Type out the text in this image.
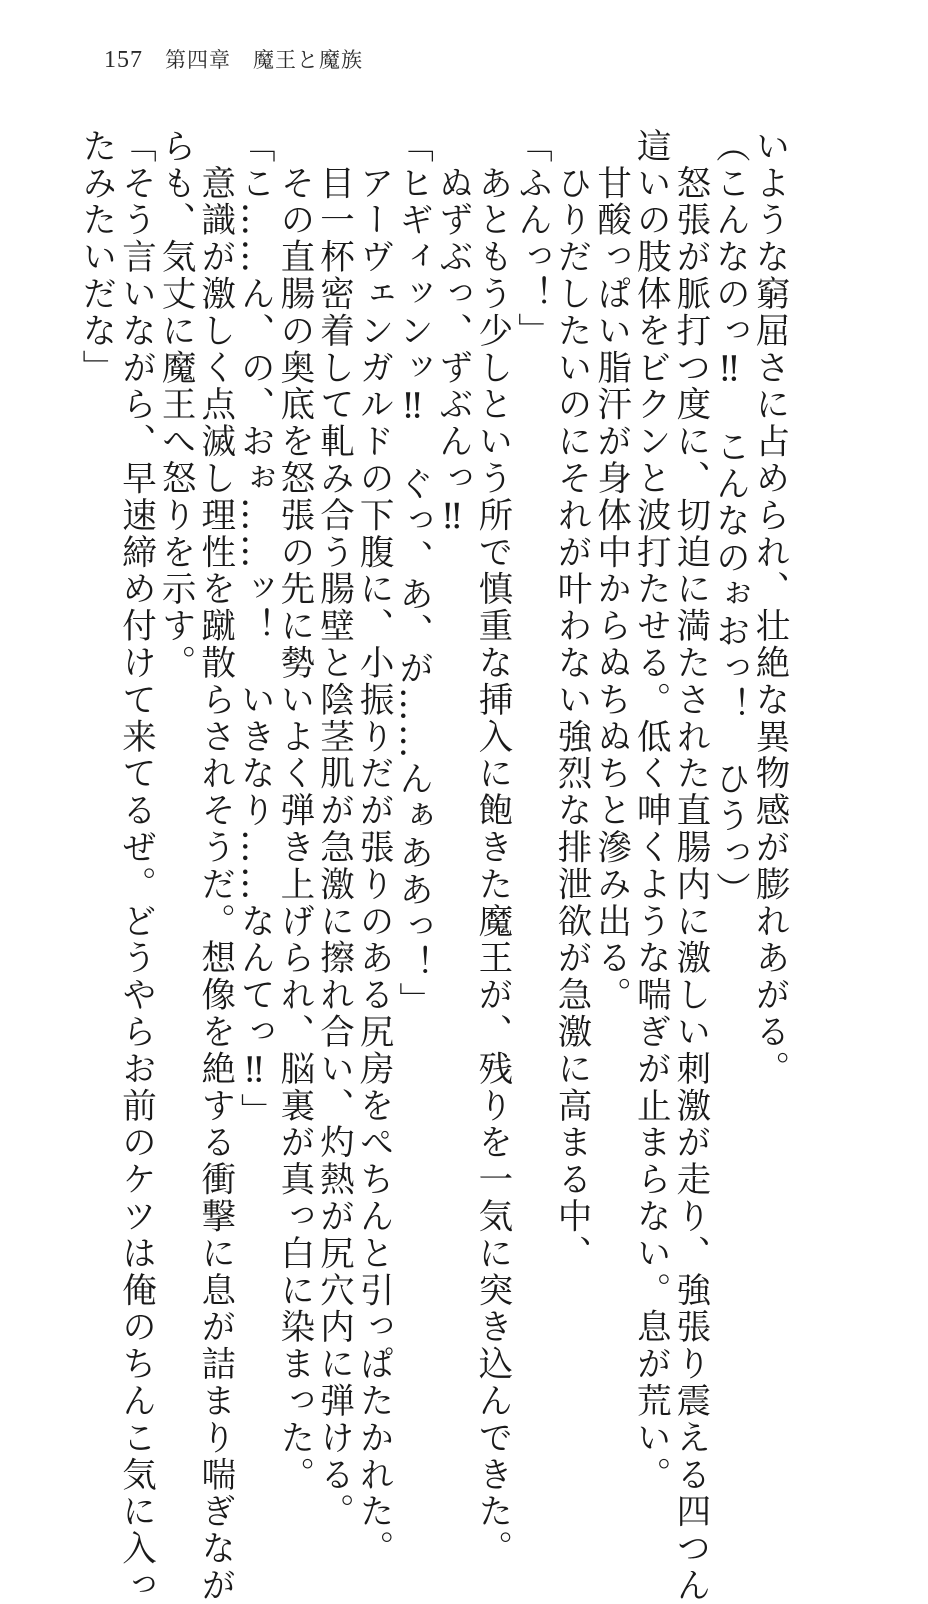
157 第四章　魔王と魔族

いような窮屈さに占められ、壮絶な異物感が膨れあがる。

（こんなのっ‼　こんなのぉおっ！　ひうっ）

　怒張が脈打つ度に、切迫に満たされた直腸内に激しい刺激が走り、強張り震える四つん

這いの肢体をビクンと波打たせる。低く呻くような喘ぎが止まらない。息が荒い。

　甘酸っぱい脂汗が身体中からぬちぬちと滲み出る。

　ひりだしたいのにそれが叶わない強烈な排泄欲が急激に高まる中、

「ふんっ！」

　あともう少しという所で慎重な挿入に飽きた魔王が、残りを一気に突き込んできた。

　ぬずぶっ、ずぶんっ‼

「ヒギィッンッ‼　ぐっ、あ、が……んぁああっ！」

　アーヴェンガルドの下腹に、小振りだが張りのある尻房をぺちんと引っぱたかれた。

　目一杯密着して軋み合う腸壁と陰茎肌が急激に擦れ合い、灼熱が尻穴内に弾ける。

　その直腸の奥底を怒張の先に勢いよく弾き上げられ、脳裏が真っ白に染まった。

「こ……ん、の、おぉ……ッ！　いきなり……なんてっ‼」

　意識が激しく点滅し理性を蹴散らされそうだ。想像を絶する衝撃に息が詰まり喘ぎなが

らも、気丈に魔王へ怒りを示す。

「そう言いながら、早速締め付けて来てるぜ。どうやらお前のケツは俺のちんこ気に入っ

たみたいだな」
